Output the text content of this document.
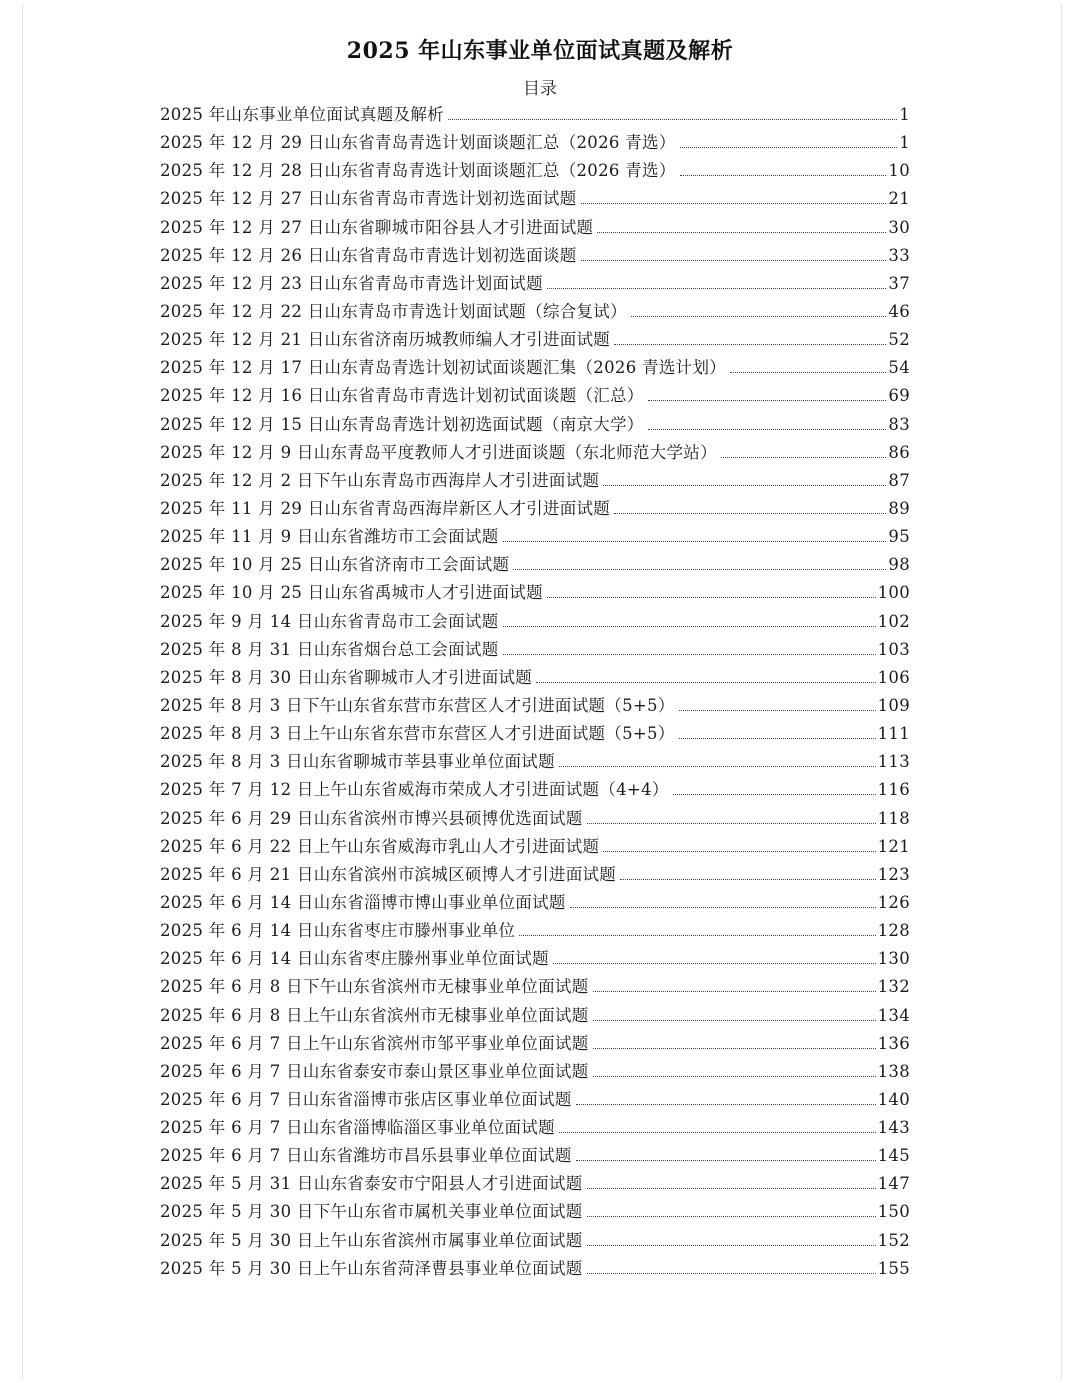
2025 年山东事业单位面试真题及解析
目录
2025 年山东事业单位面试真题及解析	1
2025 年 12 月 29 日山东省青岛青选计划面谈题汇总（2026 青选）	1
2025 年 12 月 28 日山东省青岛青选计划面谈题汇总（2026 青选）	10
2025 年 12 月 27 日山东省青岛市青选计划初选面试题	21
2025 年 12 月 27 日山东省聊城市阳谷县人才引进面试题	30
2025 年 12 月 26 日山东省青岛市青选计划初选面谈题	33
2025 年 12 月 23 日山东省青岛市青选计划面试题	37
2025 年 12 月 22 日山东青岛市青选计划面试题（综合复试）	46
2025 年 12 月 21 日山东省济南历城教师编人才引进面试题	52
2025 年 12 月 17 日山东青岛青选计划初试面谈题汇集（2026 青选计划）	54
2025 年 12 月 16 日山东省青岛市青选计划初试面谈题（汇总）	69
2025 年 12 月 15 日山东青岛青选计划初选面试题（南京大学）	83
2025 年 12 月 9 日山东青岛平度教师人才引进面谈题（东北师范大学站）	86
2025 年 12 月 2 日下午山东青岛市西海岸人才引进面试题	87
2025 年 11 月 29 日山东省青岛西海岸新区人才引进面试题	89
2025 年 11 月 9 日山东省潍坊市工会面试题	95
2025 年 10 月 25 日山东省济南市工会面试题	98
2025 年 10 月 25 日山东省禹城市人才引进面试题	100
2025 年 9 月 14 日山东省青岛市工会面试题	102
2025 年 8 月 31 日山东省烟台总工会面试题	103
2025 年 8 月 30 日山东省聊城市人才引进面试题	106
2025 年 8 月 3 日下午山东省东营市东营区人才引进面试题（5+5）	109
2025 年 8 月 3 日上午山东省东营市东营区人才引进面试题（5+5）	111
2025 年 8 月 3 日山东省聊城市莘县事业单位面试题	113
2025 年 7 月 12 日上午山东省威海市荣成人才引进面试题（4+4）	116
2025 年 6 月 29 日山东省滨州市博兴县硕博优选面试题	118
2025 年 6 月 22 日上午山东省威海市乳山人才引进面试题	121
2025 年 6 月 21 日山东省滨州市滨城区硕博人才引进面试题	123
2025 年 6 月 14 日山东省淄博市博山事业单位面试题	126
2025 年 6 月 14 日山东省枣庄市滕州事业单位	128
2025 年 6 月 14 日山东省枣庄滕州事业单位面试题	130
2025 年 6 月 8 日下午山东省滨州市无棣事业单位面试题	132
2025 年 6 月 8 日上午山东省滨州市无棣事业单位面试题	134
2025 年 6 月 7 日上午山东省滨州市邹平事业单位面试题	136
2025 年 6 月 7 日山东省泰安市泰山景区事业单位面试题	138
2025 年 6 月 7 日山东省淄博市张店区事业单位面试题	140
2025 年 6 月 7 日山东省淄博临淄区事业单位面试题	143
2025 年 6 月 7 日山东省潍坊市昌乐县事业单位面试题	145
2025 年 5 月 31 日山东省泰安市宁阳县人才引进面试题	147
2025 年 5 月 30 日下午山东省市属机关事业单位面试题	150
2025 年 5 月 30 日上午山东省滨州市属事业单位面试题	152
2025 年 5 月 30 日上午山东省菏泽曹县事业单位面试题	155
